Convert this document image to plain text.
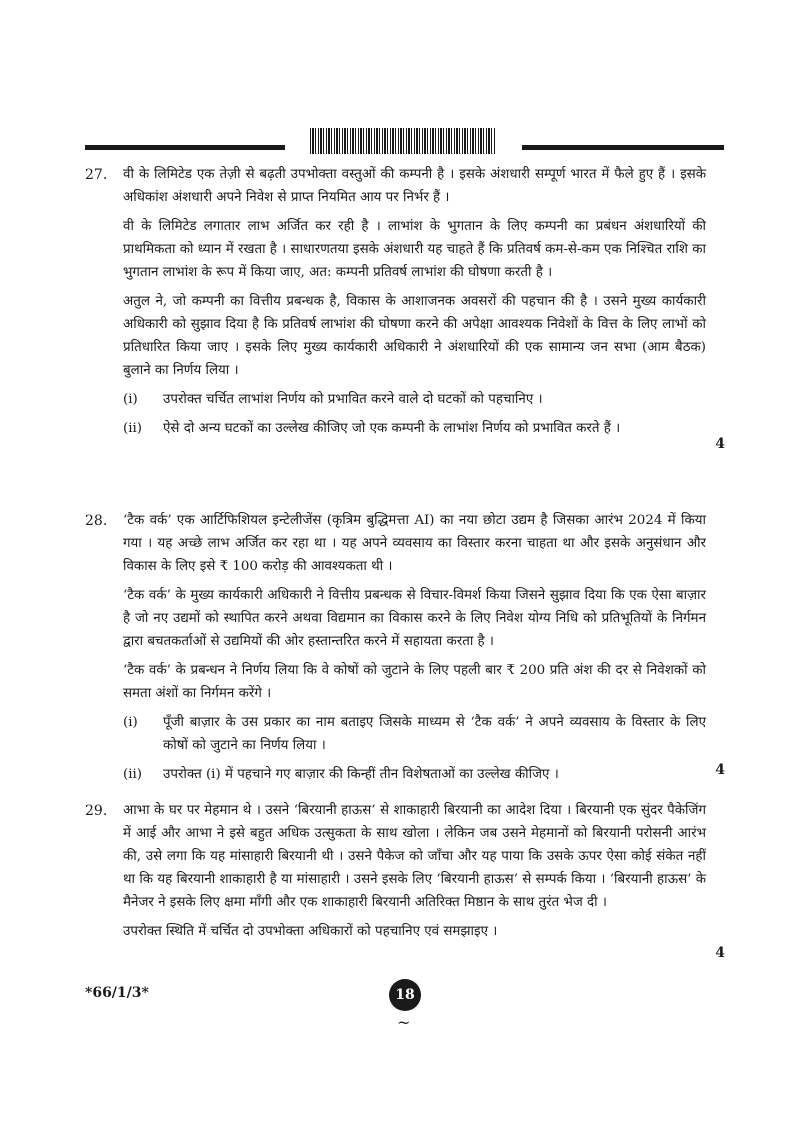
27. वी के लिमिटेड एक तेज़ी से बढ़ती उपभोक्ता वस्तुओं की कम्पनी है । इसके अंशधारी सम्पूर्ण भारत में फैले हुए हैं । इसके अधिकांश अंशधारी अपने निवेश से प्राप्त नियमित आय पर निर्भर हैं ।

वी के लिमिटेड लगातार लाभ अर्जित कर रही है । लाभांश के भुगतान के लिए कम्पनी का प्रबंधन अंशधारियों की प्राथमिकता को ध्यान में रखता है । साधारणतया इसके अंशधारी यह चाहते हैं कि प्रतिवर्ष कम-से-कम एक निश्चित राशि का भुगतान लाभांश के रूप में किया जाए, अत: कम्पनी प्रतिवर्ष लाभांश की घोषणा करती है ।

अतुल ने, जो कम्पनी का वित्तीय प्रबन्धक है, विकास के आशाजनक अवसरों की पहचान की है । उसने मुख्य कार्यकारी अधिकारी को सुझाव दिया है कि प्रतिवर्ष लाभांश की घोषणा करने की अपेक्षा आवश्यक निवेशों के वित्त के लिए लाभों को प्रतिधारित किया जाए । इसके लिए मुख्य कार्यकारी अधिकारी ने अंशधारियों की एक सामान्य जन सभा (आम बैठक) बुलाने का निर्णय लिया ।

(i) उपरोक्त चर्चित लाभांश निर्णय को प्रभावित करने वाले दो घटकों को पहचानिए ।
(ii) ऐसे दो अन्य घटकों का उल्लेख कीजिए जो एक कम्पनी के लाभांश निर्णय को प्रभावित करते हैं ।
4
28. ‘टैक वर्क’ एक आर्टिफिशियल इन्टेलीजेंस (कृत्रिम बुद्धिमत्ता AI) का नया छोटा उद्यम है जिसका आरंभ 2024 में किया गया । यह अच्छे लाभ अर्जित कर रहा था । यह अपने व्यवसाय का विस्तार करना चाहता था और इसके अनुसंधान और विकास के लिए इसे ₹ 100 करोड़ की आवश्यकता थी ।

‘टैक वर्क’ के मुख्य कार्यकारी अधिकारी ने वित्तीय प्रबन्धक से विचार-विमर्श किया जिसने सुझाव दिया कि एक ऐसा बाज़ार है जो नए उद्यमों को स्थापित करने अथवा विद्यमान का विकास करने के लिए निवेश योग्य निधि को प्रतिभूतियों के निर्गमन द्वारा बचतकर्ताओं से उद्यमियों की ओर हस्तान्तरित करने में सहायता करता है ।

‘टैक वर्क’ के प्रबन्धन ने निर्णय लिया कि वे कोषों को जुटाने के लिए पहली बार ₹ 200 प्रति अंश की दर से निवेशकों को समता अंशों का निर्गमन करेंगे ।

(i) पूँजी बाज़ार के उस प्रकार का नाम बताइए जिसके माध्यम से ‘टैक वर्क’ ने अपने व्यवसाय के विस्तार के लिए कोषों को जुटाने का निर्णय लिया ।
(ii) उपरोक्त (i) में पहचाने गए बाज़ार की किन्हीं तीन विशेषताओं का उल्लेख कीजिए ।	4
29. आभा के घर पर मेहमान थे । उसने ‘बिरयानी हाऊस’ से शाकाहारी बिरयानी का आदेश दिया । बिरयानी एक सुंदर पैकेजिंग में आई और आभा ने इसे बहुत अधिक उत्सुकता के साथ खोला । लेकिन जब उसने मेहमानों को बिरयानी परोसनी आरंभ की, उसे लगा कि यह मांसाहारी बिरयानी थी । उसने पैकेज को जाँचा और यह पाया कि उसके ऊपर ऐसा कोई संकेत नहीं था कि यह बिरयानी शाकाहारी है या मांसाहारी । उसने इसके लिए ‘बिरयानी हाऊस’ से सम्पर्क किया । ‘बिरयानी हाऊस’ के मैनेजर ने इसके लिए क्षमा माँगी और एक शाकाहारी बिरयानी अतिरिक्त मिष्ठान के साथ तुरंत भेज दी ।

उपरोक्त स्थिति में चर्चित दो उपभोक्ता अधिकारों को पहचानिए एवं समझाइए ।

4
*66/1/3*	18
~
